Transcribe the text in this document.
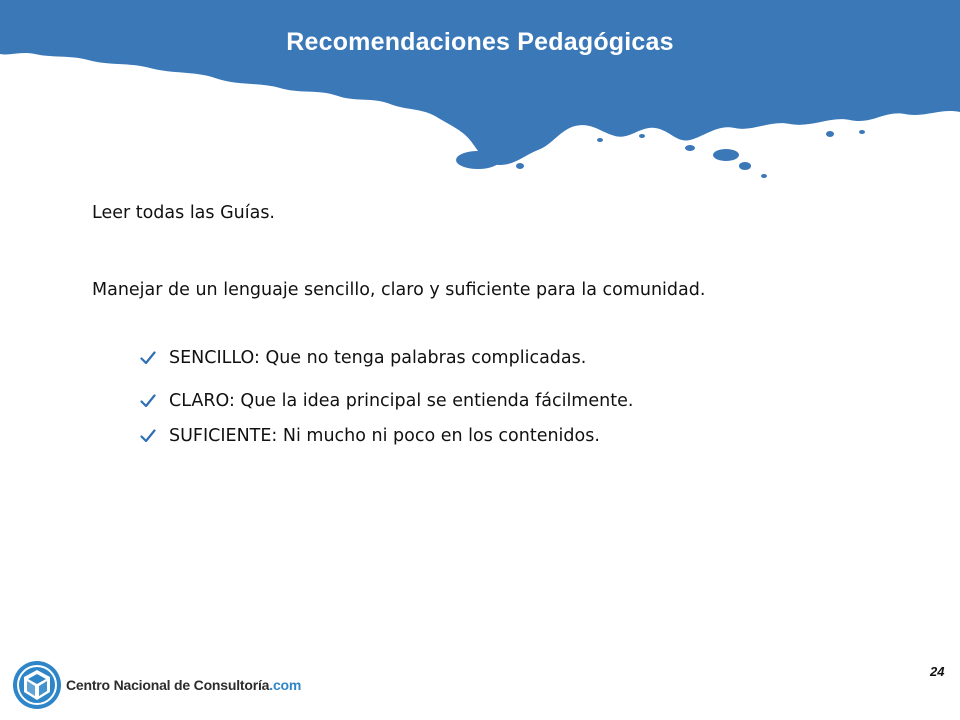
Recomendaciones Pedagógicas
Leer todas las Guías.
Manejar de un lenguaje sencillo, claro y suficiente para la comunidad.
SENCILLO: Que no tenga palabras complicadas.
CLARO: Que la idea principal se entienda fácilmente.
SUFICIENTE: Ni mucho ni poco en los contenidos.
Centro Nacional de Consultoría.com
24
